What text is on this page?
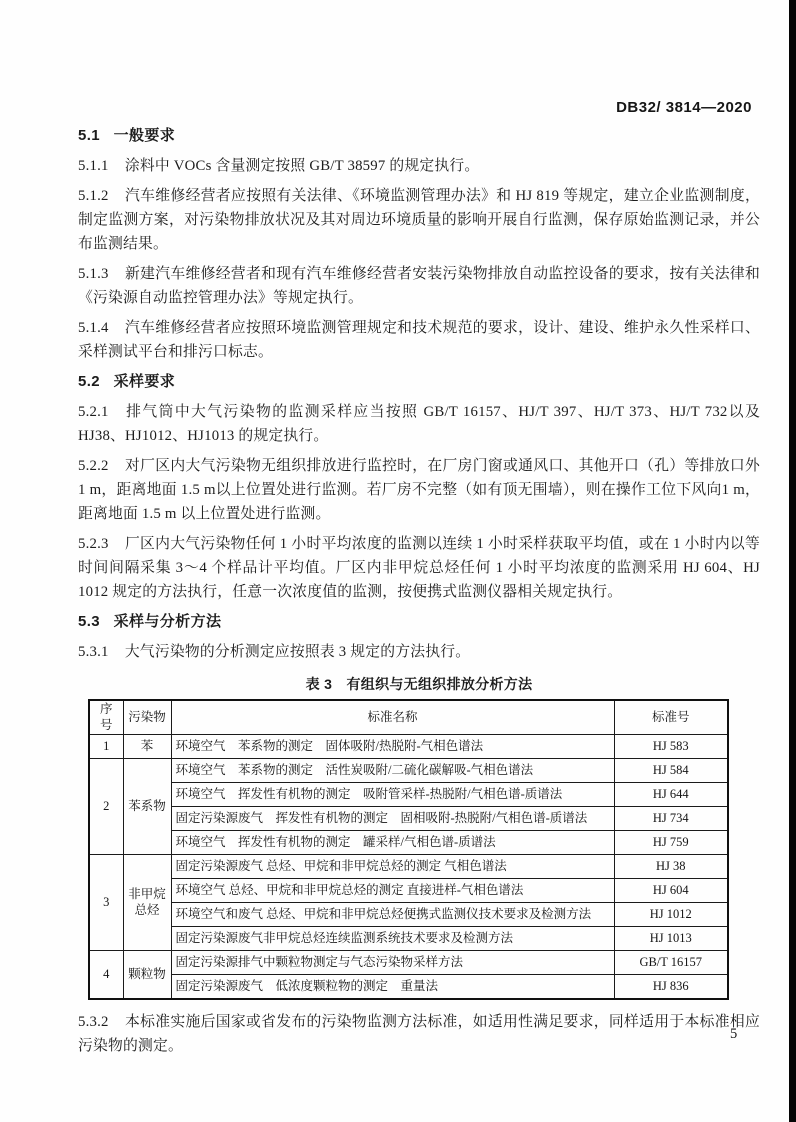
DB32/ 3814—2020
5.1 一般要求

5.1.1 涂料中 VOCs 含量测定按照 GB/T 38597 的规定执行。

5.1.2 汽车维修经营者应按照有关法律、《环境监测管理办法》和 HJ 819 等规定，建立企业监测制度，制定监测方案，对污染物排放状况及其对周边环境质量的影响开展自行监测，保存原始监测记录，并公布监测结果。

5.1.3 新建汽车维修经营者和现有汽车维修经营者安装污染物排放自动监控设备的要求，按有关法律和《污染源自动监控管理办法》等规定执行。

5.1.4 汽车维修经营者应按照环境监测管理规定和技术规范的要求，设计、建设、维护永久性采样口、采样测试平台和排污口标志。

5.2 采样要求

5.2.1 排气筒中大气污染物的监测采样应当按照 GB/T 16157、HJ/T 397、HJ/T 373、HJ/T 732以及 HJ38、HJ1012、HJ1013 的规定执行。

5.2.2 对厂区内大气污染物无组织排放进行监控时，在厂房门窗或通风口、其他开口（孔）等排放口外 1 m，距离地面 1.5 m以上位置处进行监测。若厂房不完整（如有顶无围墙），则在操作工位下风向1 m，距离地面 1.5 m 以上位置处进行监测。

5.2.3 厂区内大气污染物任何 1 小时平均浓度的监测以连续 1 小时采样获取平均值，或在 1 小时内以等时间间隔采集 3～4 个样品计平均值。厂区内非甲烷总烃任何 1 小时平均浓度的监测采用 HJ 604、HJ 1012 规定的方法执行，任意一次浓度值的监测，按便携式监测仪器相关规定执行。

5.3 采样与分析方法

5.3.1 大气污染物的分析测定应按照表 3 规定的方法执行。

表 3　有组织与无组织排放分析方法
序号	污染物	标准名称	标准号
1	苯	环境空气　苯系物的测定　固体吸附/热脱附-气相色谱法	HJ 583
2	苯系物	环境空气　苯系物的测定　活性炭吸附/二硫化碳解吸-气相色谱法	HJ 584
		环境空气　挥发性有机物的测定　吸附管采样-热脱附/气相色谱-质谱法	HJ 644
		固定污染源废气　挥发性有机物的测定　固相吸附-热脱附/气相色谱-质谱法	HJ 734
		环境空气　挥发性有机物的测定　罐采样/气相色谱-质谱法	HJ 759
3	非甲烷总烃	固定污染源废气 总烃、甲烷和非甲烷总烃的测定 气相色谱法	HJ 38
		环境空气 总烃、甲烷和非甲烷总烃的测定 直接进样-气相色谱法	HJ 604
		环境空气和废气 总烃、甲烷和非甲烷总烃便携式监测仪技术要求及检测方法	HJ 1012
		固定污染源废气非甲烷总烃连续监测系统技术要求及检测方法	HJ 1013
4	颗粒物	固定污染源排气中颗粒物测定与气态污染物采样方法	GB/T 16157
		固定污染源废气　低浓度颗粒物的测定　重量法	HJ 836

5.3.2 本标准实施后国家或省发布的污染物监测方法标准，如适用性满足要求，同样适用于本标准相应污染物的测定。

5
